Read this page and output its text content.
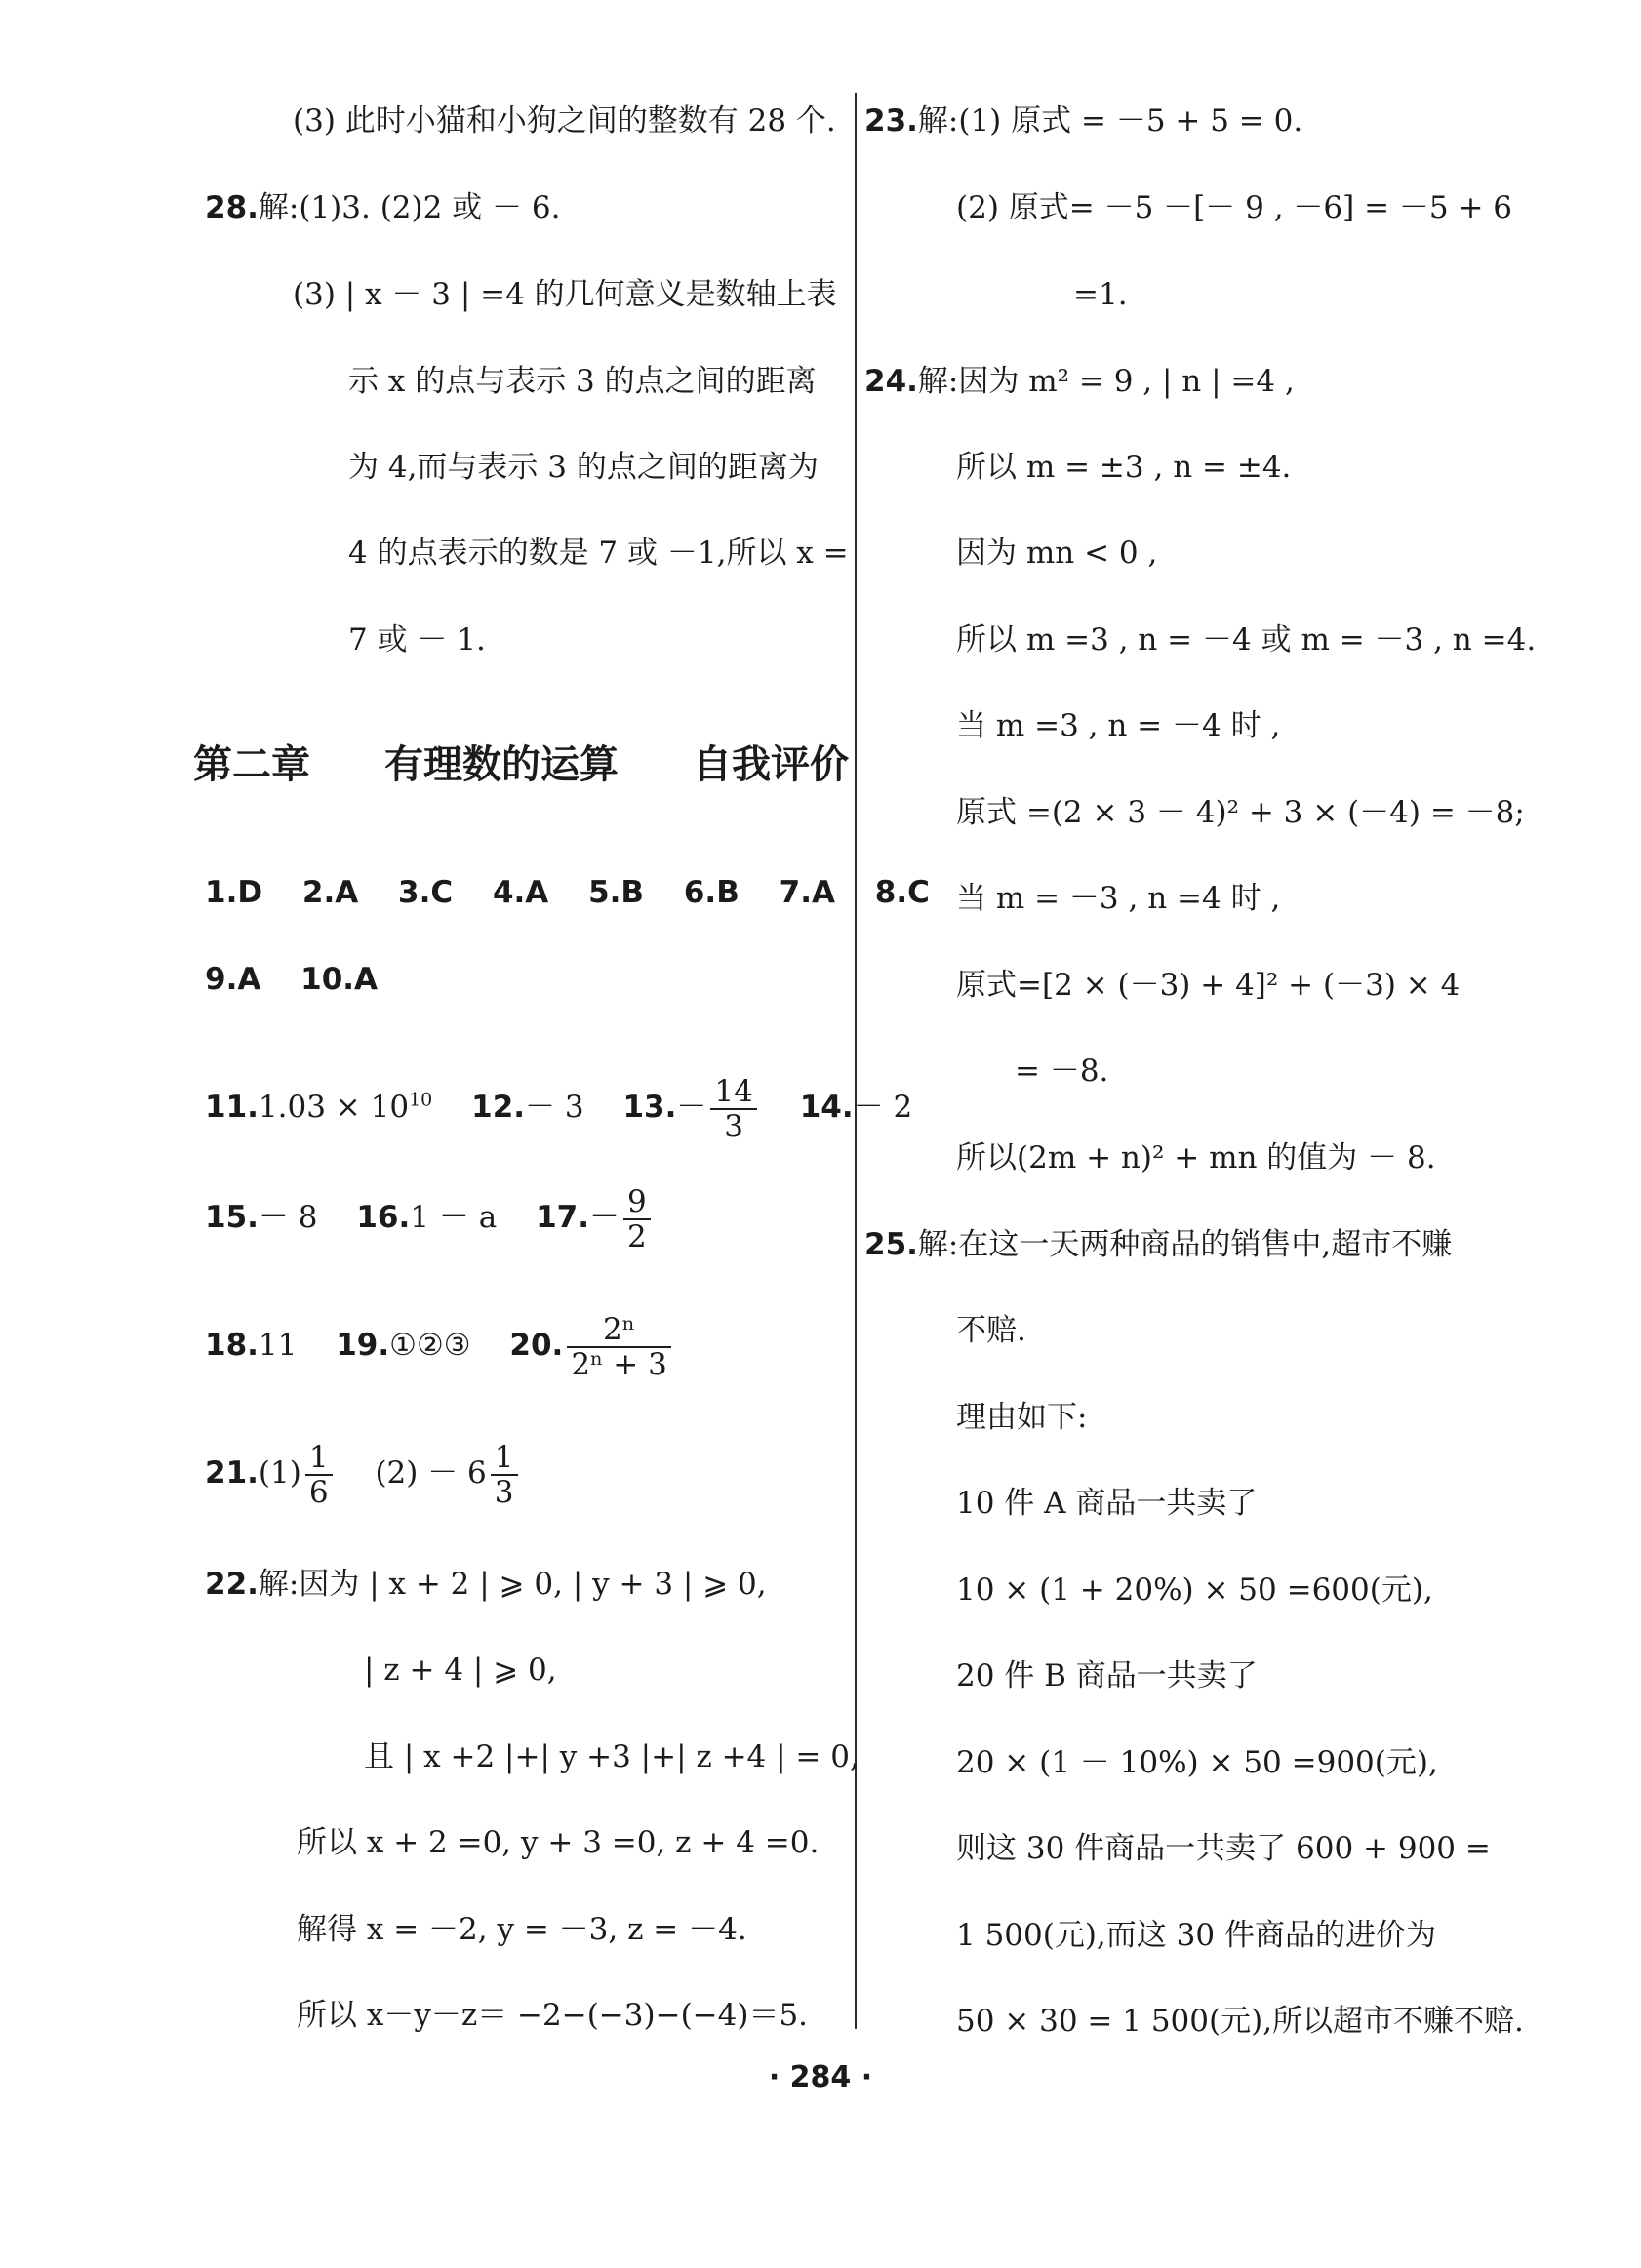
(3) 此时小猫和小狗之间的整数有 28 个.
28.解:(1)3. (2)2 或 － 6.
(3) | x － 3 | =4 的几何意义是数轴上表
示 x 的点与表示 3 的点之间的距离
为 4,而与表示 3 的点之间的距离为
4 的点表示的数是 7 或 －1,所以 x =
7 或 － 1.
第二章 有理数的运算 自我评价
1.D 2.A 3.C 4.A 5.B 6.B 7.A 8.C
9.A 10.A
$11.1.03 \times 10^{10}$ 12.－ 3 $13.- \frac{14}{3} 14.- 2$
15.－ 8 16.1 － a $17.- \frac{9}{2}$
18.11 19.①②③ 20. $\frac{\text{2ⁿ}}{\text{2ⁿ + 3}}$
$21.(1) \frac{1}{6} (2) - 6 \frac{1}{3}$
22.解:因为 | x + 2 | ⩾ 0, | y + 3 | ⩾ 0,
| z + 4 | ⩾ 0,
且 | x +2 |+| y +3 |+| z +4 | = 0,
所以 x + 2 =0, y + 3 =0, z + 4 =0.
解得 x = －2, y = －3, z = －4.
所以 x－y－z＝ −2−(−3)−(−4)＝5.
23.解:(1) 原式 = －5 + 5 = 0.
(2) 原式= －5 －[－ 9 , －6] = －5 + 6
=1.
24.解:因为 m² = 9 , | n | =4 ,
所以 m = ±3 , n = ±4.
因为 mn < 0 ,
所以 m =3 , n = －4 或 m = －3 , n =4.
当 m =3 , n = －4 时 ,
原式 =(2 × 3 － 4)² + 3 × (－4) = －8;
当 m = －3 , n =4 时 ,
原式=[2 × (－3) + 4]² + (－3) × 4
= －8.
所以(2m + n)² + mn 的值为 － 8.
25.解:在这一天两种商品的销售中,超市不赚
不赔.
理由如下:
10 件 A 商品一共卖了
10 × (1 + 20%) × 50 =600(元),
20 件 B 商品一共卖了
20 × (1 － 10%) × 50 =900(元),
则这 30 件商品一共卖了 600 + 900 =
1 500(元),而这 30 件商品的进价为
50 × 30 = 1 500(元),所以超市不赚不赔.
· 284 ·
